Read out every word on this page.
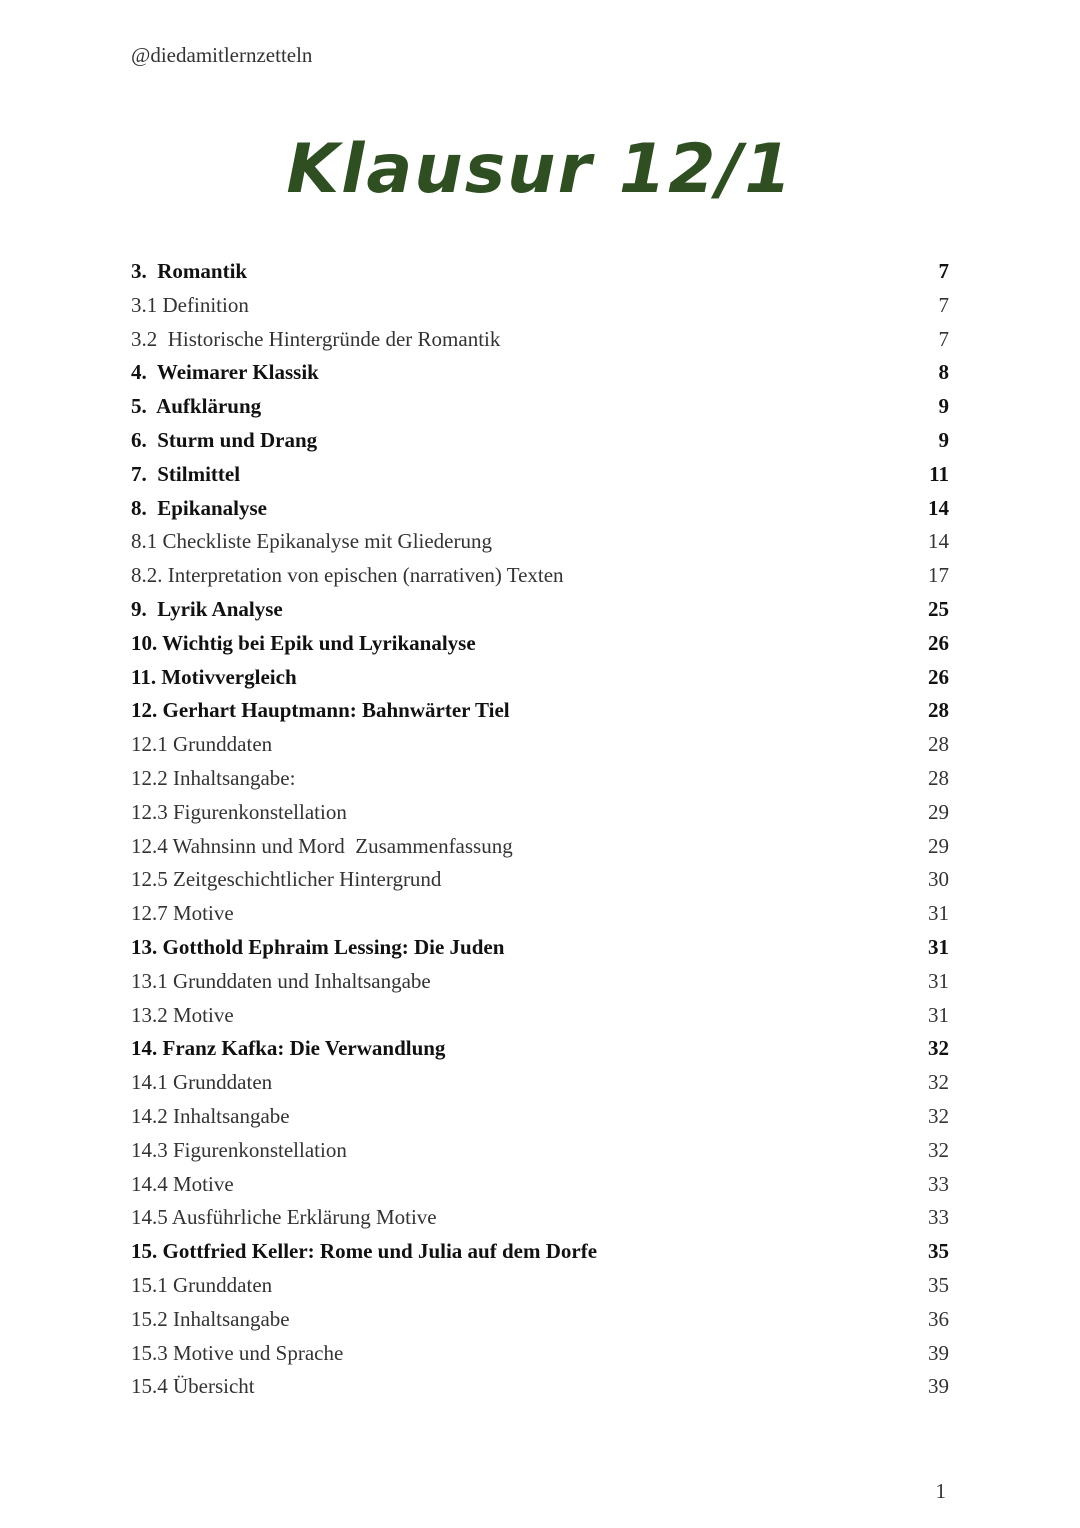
@diedamitlernzetteln
Klausur 12/1
3.  Romantik	7
3.1 Definition	7
3.2  Historische Hintergründe der Romantik	7
4.  Weimarer Klassik	8
5.  Aufklärung	9
6.  Sturm und Drang	9
7.  Stilmittel	11
8.  Epikanalyse	14
8.1 Checkliste Epikanalyse mit Gliederung	14
8.2. Interpretation von epischen (narrativen) Texten	17
9.  Lyrik Analyse	25
10. Wichtig bei Epik und Lyrikanalyse	26
11. Motivvergleich	26
12. Gerhart Hauptmann: Bahnwärter Tiel	28
12.1 Grunddaten	28
12.2 Inhaltsangabe:	28
12.3 Figurenkonstellation	29
12.4 Wahnsinn und Mord  Zusammenfassung	29
12.5 Zeitgeschichtlicher Hintergrund	30
12.7 Motive	31
13. Gotthold Ephraim Lessing: Die Juden	31
13.1 Grunddaten und Inhaltsangabe	31
13.2 Motive	31
14. Franz Kafka: Die Verwandlung	32
14.1 Grunddaten	32
14.2 Inhaltsangabe	32
14.3 Figurenkonstellation	32
14.4 Motive	33
14.5 Ausführliche Erklärung Motive	33
15. Gottfried Keller: Rome und Julia auf dem Dorfe	35
15.1 Grunddaten	35
15.2 Inhaltsangabe	36
15.3 Motive und Sprache	39
15.4 Übersicht	39
1
